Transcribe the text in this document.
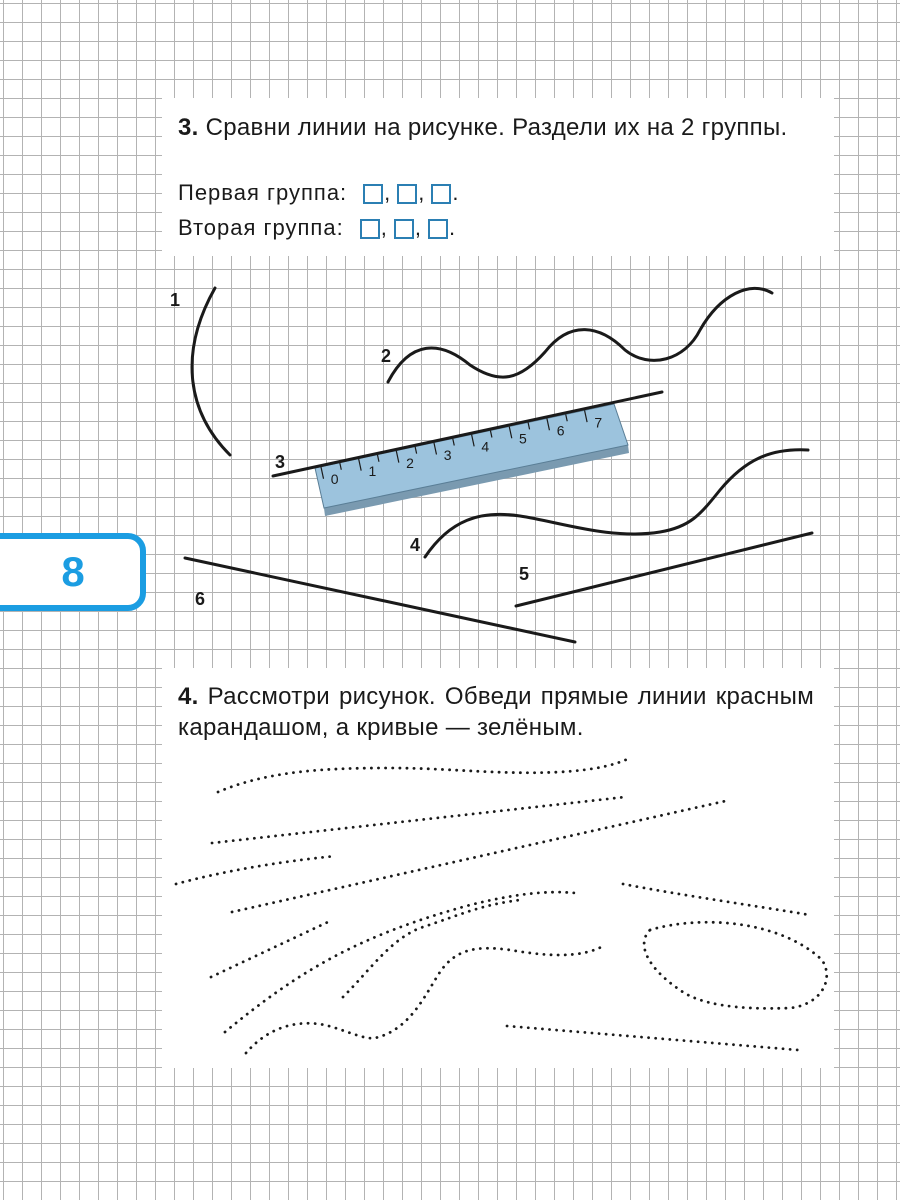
3. Сравни линии на рисунке. Раздели их на 2 группы.
Первая группа: , , .
Вторая группа: , , .
8
0
1
2
3
4
5
6
7
1
2
3
4
5
6
4. Рассмотри рисунок. Обведи прямые линии красным карандашом, а кривые — зелёным.
